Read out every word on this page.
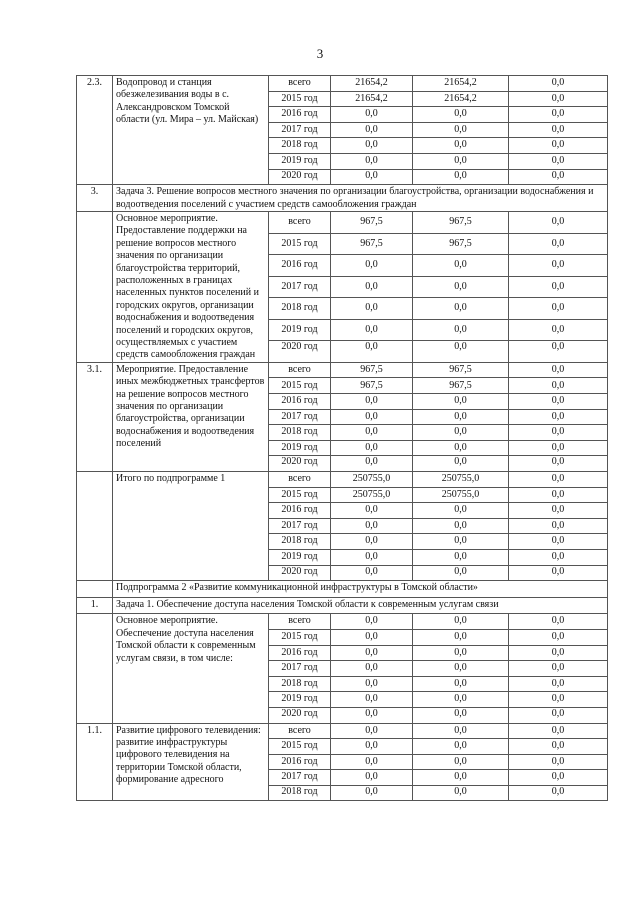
3
2.3.	Водопровод и станция обезжелезивания воды в с. Александровском Томской области (ул. Мира – ул. Майская)	всего	21654,2	21654,2	0,0
		2015 год	21654,2	21654,2	0,0
		2016 год	0,0	0,0	0,0
		2017 год	0,0	0,0	0,0
		2018 год	0,0	0,0	0,0
		2019 год	0,0	0,0	0,0
		2020 год	0,0	0,0	0,0
3.	Задача 3. Решение вопросов местного значения по организации благоустройства, организации водоснабжения и водоотведения поселений с участием средств самообложения граждан				
	Основное мероприятие. Предоставление поддержки на решение вопросов местного значения по организации благоустройства территорий, расположенных в границах населенных пунктов поселений и городских округов, организации водоснабжения и водоотведения поселений и городских округов, осуществляемых с участием средств самообложения граждан	всего	967,5	967,5	0,0
		2015 год	967,5	967,5	0,0
		2016 год	0,0	0,0	0,0
		2017 год	0,0	0,0	0,0
		2018 год	0,0	0,0	0,0
		2019 год	0,0	0,0	0,0
		2020 год	0,0	0,0	0,0
3.1.	Мероприятие. Предоставление иных межбюджетных трансфертов на решение вопросов местного значения по организации благоустройства, организации водоснабжения и водоотведения поселений	всего	967,5	967,5	0,0
		2015 год	967,5	967,5	0,0
		2016 год	0,0	0,0	0,0
		2017 год	0,0	0,0	0,0
		2018 год	0,0	0,0	0,0
		2019 год	0,0	0,0	0,0
		2020 год	0,0	0,0	0,0
	Итого по подпрограмме 1	всего	250755,0	250755,0	0,0
		2015 год	250755,0	250755,0	0,0
		2016 год	0,0	0,0	0,0
		2017 год	0,0	0,0	0,0
		2018 год	0,0	0,0	0,0
		2019 год	0,0	0,0	0,0
		2020 год	0,0	0,0	0,0
	Подпрограмма 2 «Развитие коммуникационной инфраструктуры в Томской области»				
1.	Задача 1. Обеспечение доступа населения Томской области к современным услугам связи				
	Основное мероприятие. Обеспечение доступа населения Томской области к современным услугам связи, в том числе:	всего	0,0	0,0	0,0
		2015 год	0,0	0,0	0,0
		2016 год	0,0	0,0	0,0
		2017 год	0,0	0,0	0,0
		2018 год	0,0	0,0	0,0
		2019 год	0,0	0,0	0,0
		2020 год	0,0	0,0	0,0
1.1.	Развитие цифрового телевидения: развитие инфраструктуры цифрового телевидения на территории Томской области, формирование адресного	всего	0,0	0,0	0,0
		2015 год	0,0	0,0	0,0
		2016 год	0,0	0,0	0,0
		2017 год	0,0	0,0	0,0
		2018 год	0,0	0,0	0,0
